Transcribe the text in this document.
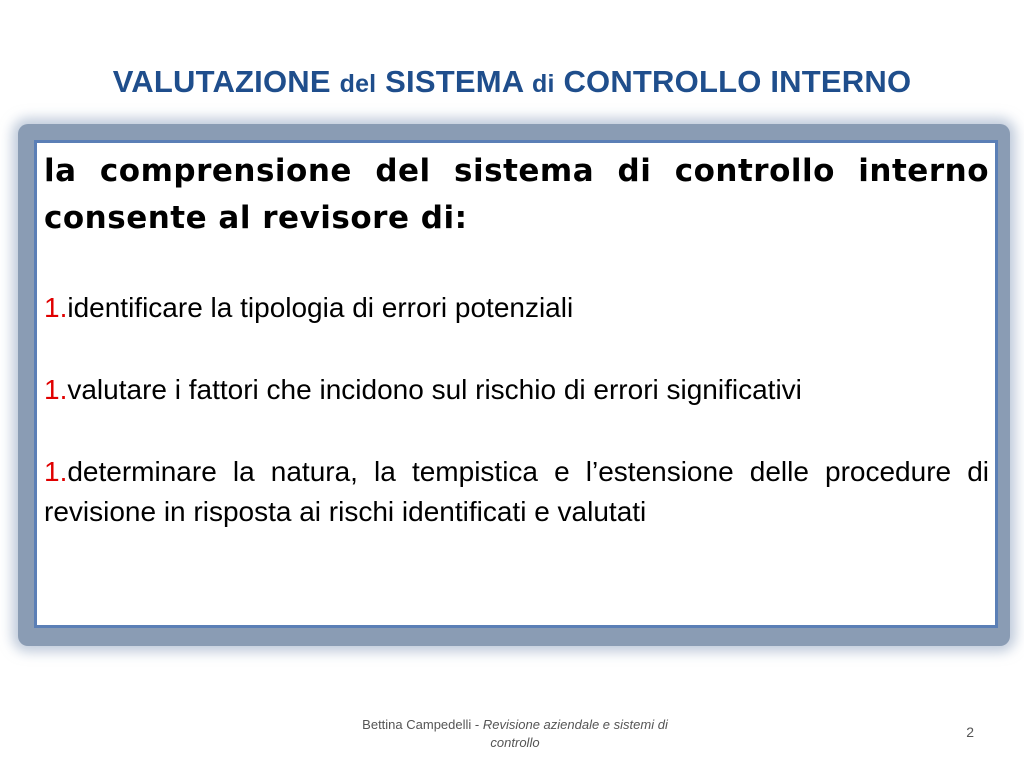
VALUTAZIONE del SISTEMA di CONTROLLO INTERNO

la comprensione del sistema di controllo interno consente al revisore di:

1.identificare la tipologia di errori potenziali

1.valutare i fattori che incidono sul rischio di errori significativi

1.determinare la natura, la tempistica e l’estensione delle procedure di revisione in risposta ai rischi identificati e valutati

Bettina Campedelli - Revisione aziendale e sistemi di controllo
2
